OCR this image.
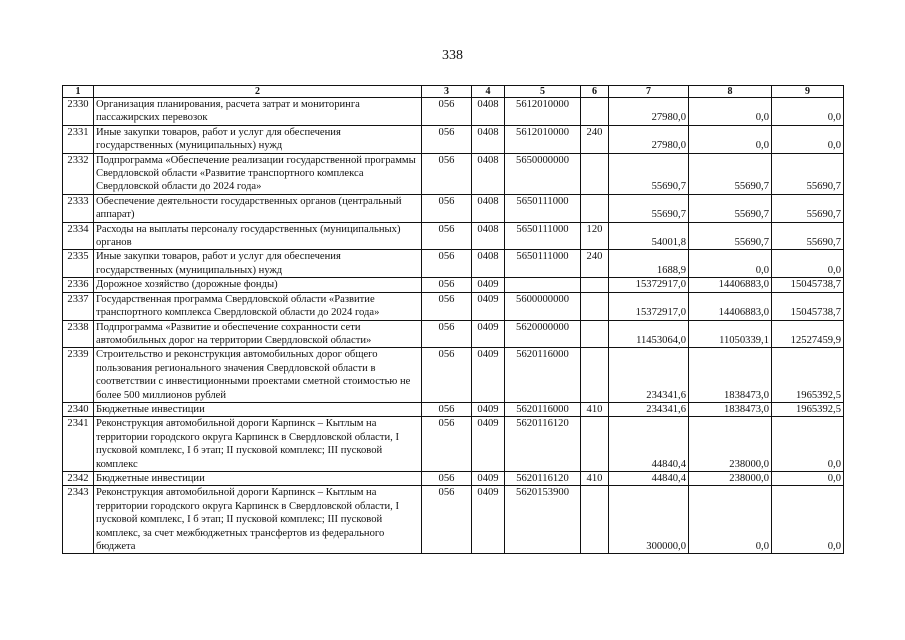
338
1	2	3	4	5	6	7	8	9
2330	Организация планирования, расчета затрат и мониторинга пассажирских перевозок	056	0408	5612010000		27980,0	0,0	0,0
2331	Иные закупки товаров, работ и услуг для обеспечения государственных (муниципальных) нужд	056	0408	5612010000	240	27980,0	0,0	0,0
2332	Подпрограмма «Обеспечение реализации государственной программы Свердловской области «Развитие транспортного комплекса Свердловской области до 2024 года»	056	0408	5650000000		55690,7	55690,7	55690,7
2333	Обеспечение деятельности государственных органов (центральный аппарат)	056	0408	5650111000		55690,7	55690,7	55690,7
2334	Расходы на выплаты персоналу государственных (муниципальных) органов	056	0408	5650111000	120	54001,8	55690,7	55690,7
2335	Иные закупки товаров, работ и услуг для обеспечения государственных (муниципальных) нужд	056	0408	5650111000	240	1688,9	0,0	0,0
2336	Дорожное хозяйство (дорожные фонды)	056	0409			15372917,0	14406883,0	15045738,7
2337	Государственная программа Свердловской области «Развитие транспортного комплекса Свердловской области до 2024 года»	056	0409	5600000000		15372917,0	14406883,0	15045738,7
2338	Подпрограмма «Развитие и обеспечение сохранности сети автомобильных дорог на территории Свердловской области»	056	0409	5620000000		11453064,0	11050339,1	12527459,9
2339	Строительство и реконструкция автомобильных дорог общего пользования регионального значения Свердловской области в соответствии с инвестиционными проектами сметной стоимостью не более 500 миллионов рублей	056	0409	5620116000		234341,6	1838473,0	1965392,5
2340	Бюджетные инвестиции	056	0409	5620116000	410	234341,6	1838473,0	1965392,5
2341	Реконструкция автомобильной дороги Карпинск – Кытлым на территории городского округа Карпинск в Свердловской области, I пусковой комплекс, I б этап; II пусковой комплекс; III пусковой комплекс	056	0409	5620116120		44840,4	238000,0	0,0
2342	Бюджетные инвестиции	056	0409	5620116120	410	44840,4	238000,0	0,0
2343	Реконструкция автомобильной дороги Карпинск – Кытлым на территории городского округа Карпинск в Свердловской области, I пусковой комплекс, I б этап; II пусковой комплекс; III пусковой комплекс, за счет межбюджетных трансфертов из федерального бюджета	056	0409	5620153900		300000,0	0,0	0,0
